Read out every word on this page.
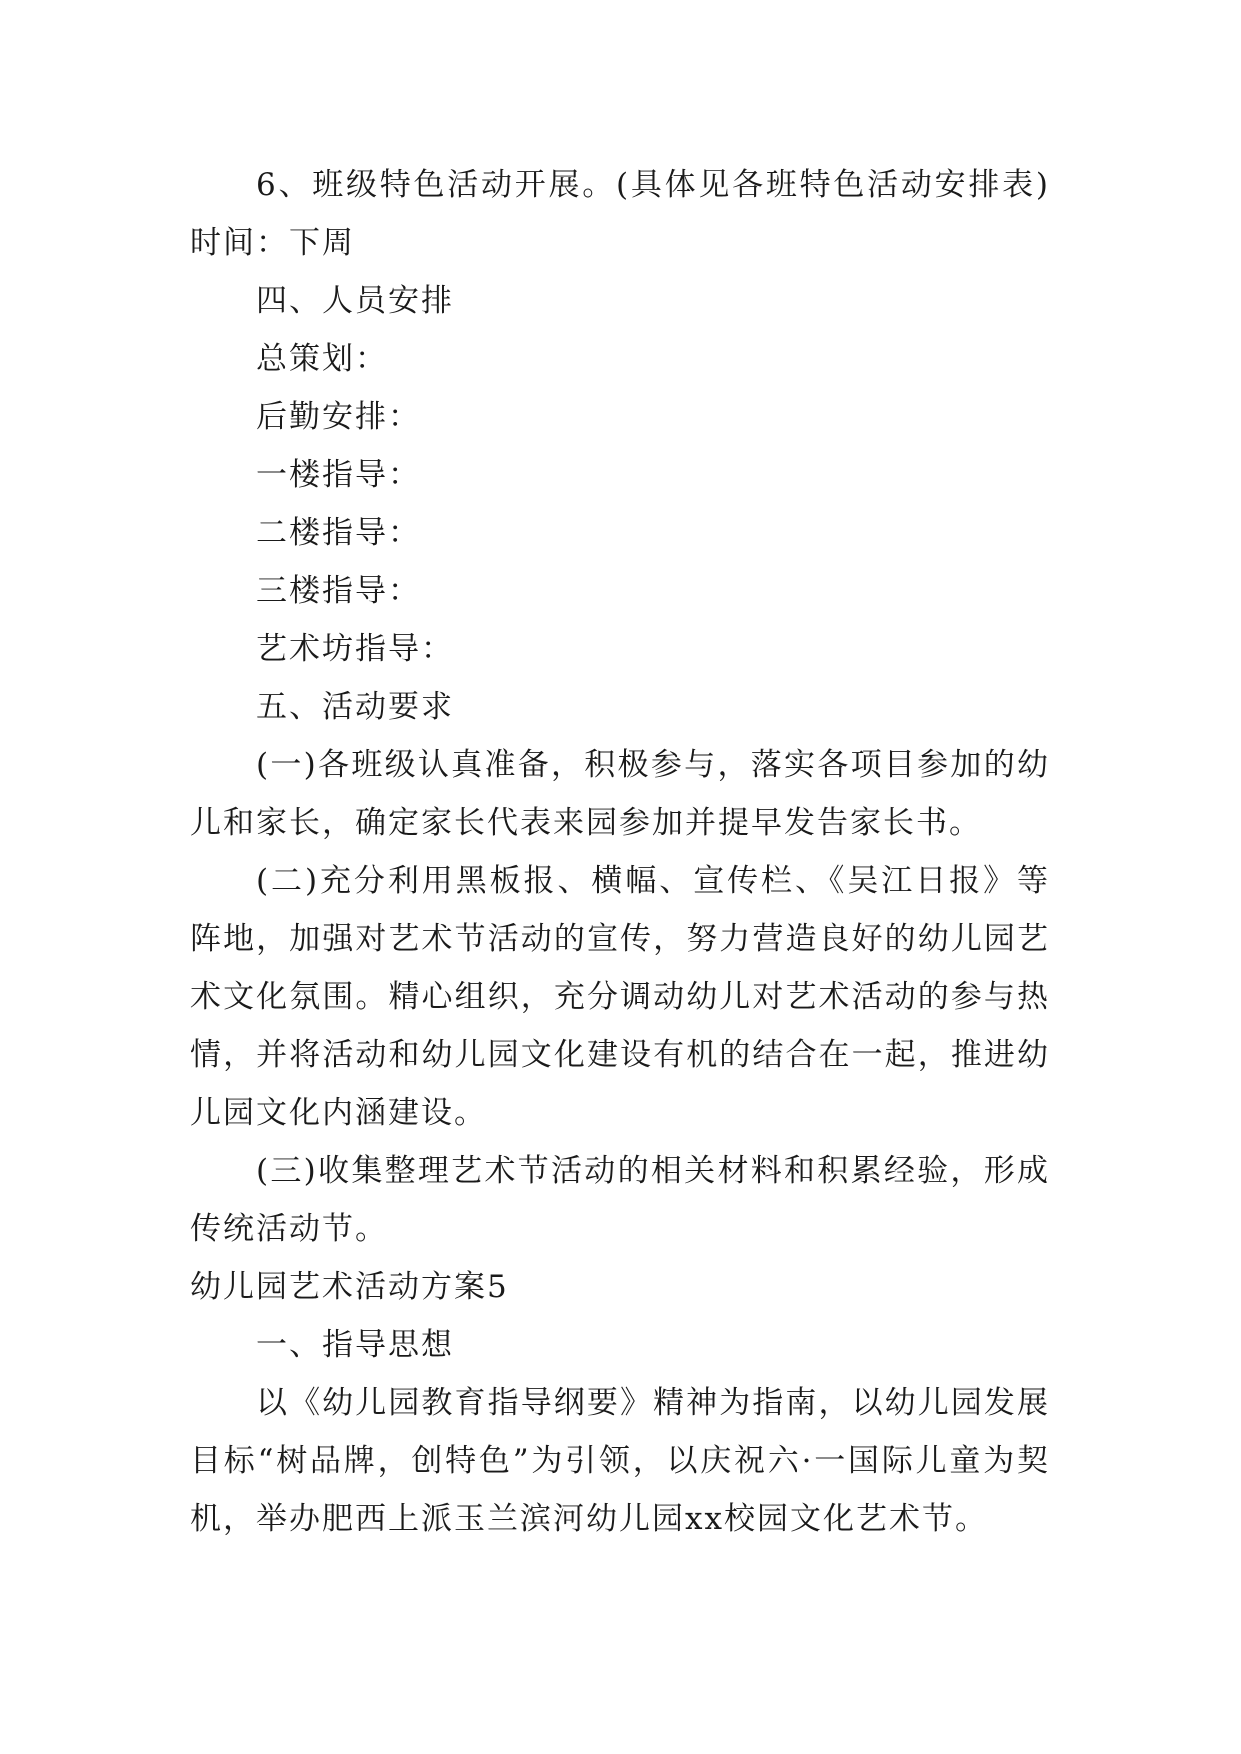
6、班级特色活动开展。(具体见各班特色活动安排表)时间：下周

四、人员安排

总策划：

后勤安排：

一楼指导：

二楼指导：

三楼指导：

艺术坊指导：

五、活动要求

(一)各班级认真准备，积极参与，落实各项目参加的幼儿和家长，确定家长代表来园参加并提早发告家长书。

(二)充分利用黑板报、横幅、宣传栏、《吴江日报》等阵地，加强对艺术节活动的宣传，努力营造良好的幼儿园艺术文化氛围。精心组织，充分调动幼儿对艺术活动的参与热情，并将活动和幼儿园文化建设有机的结合在一起，推进幼儿园文化内涵建设。

(三)收集整理艺术节活动的相关材料和积累经验，形成传统活动节。

幼儿园艺术活动方案5

一、指导思想

以《幼儿园教育指导纲要》精神为指南，以幼儿园发展目标“树品牌，创特色”为引领，以庆祝六·一国际儿童为契机，举办肥西上派玉兰滨河幼儿园xx校园文化艺术节。
